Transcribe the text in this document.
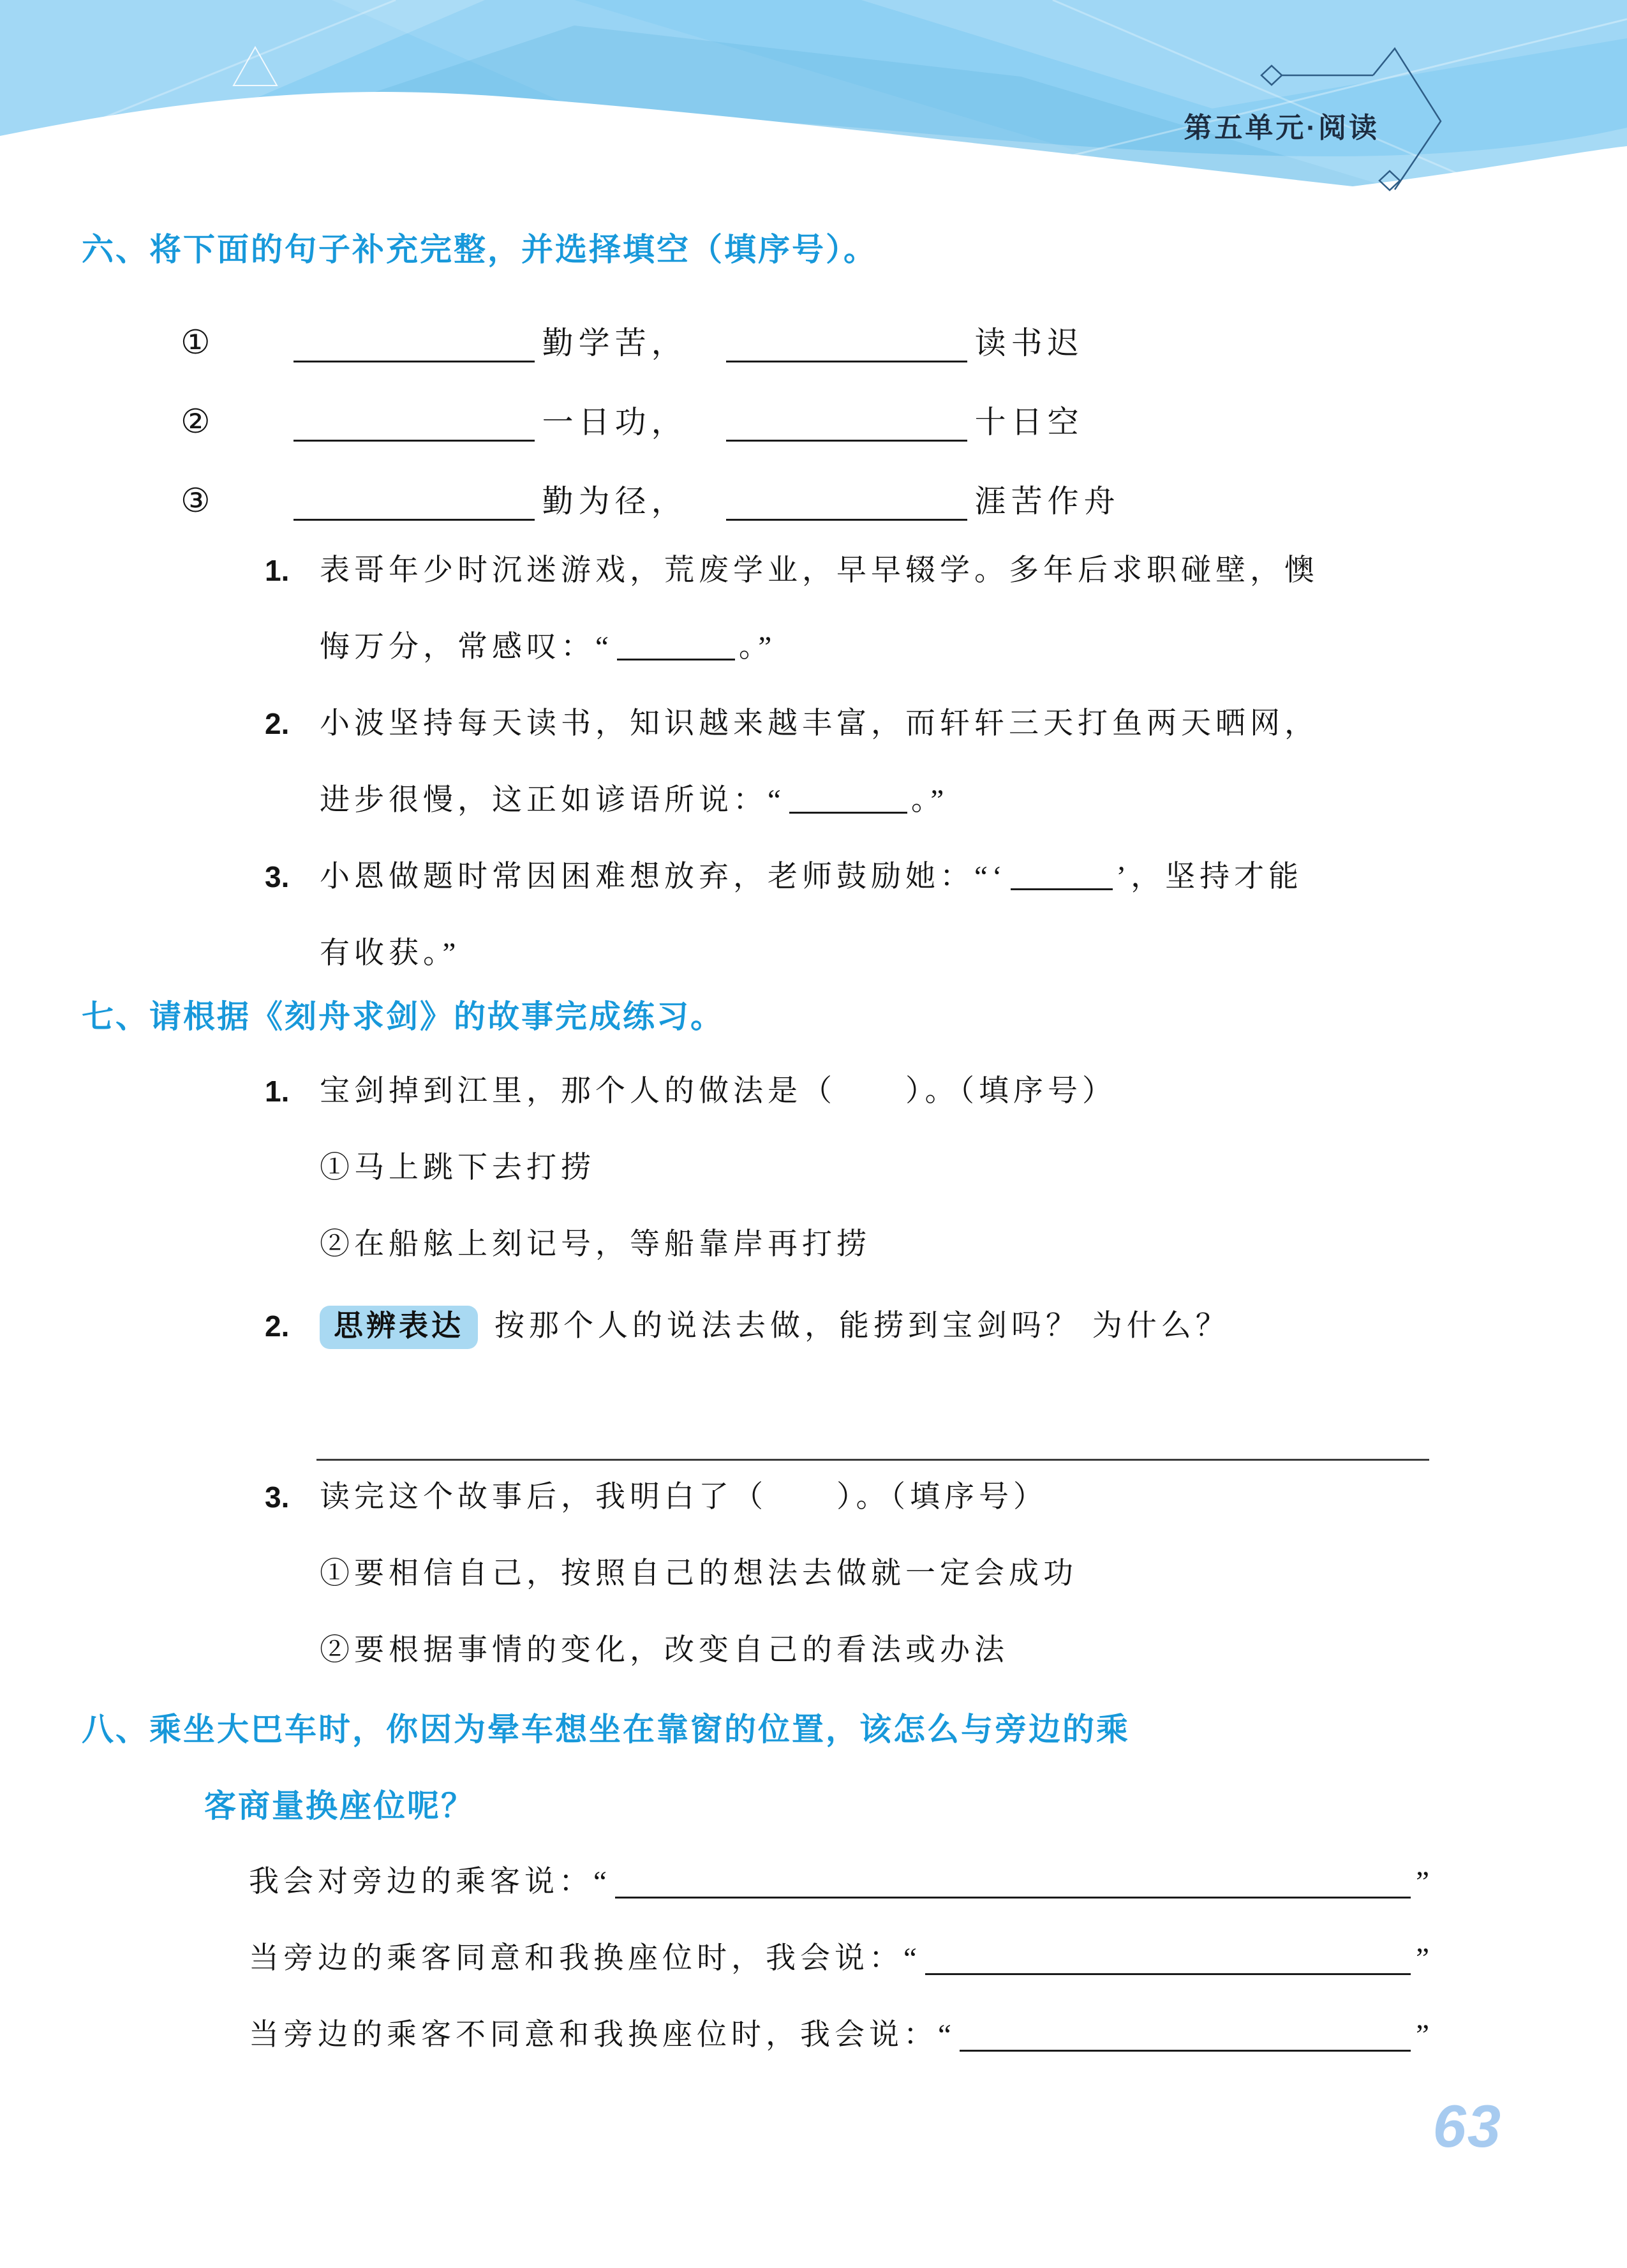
第五单元·阅读
六、将下面的句子补充完整，并选择填空（填序号）。
①	勤学苦，	读书迟
②	一日功，	十日空
③	勤为径，	涯苦作舟
1.	表哥年少时沉迷游戏，荒废学业，早早辍学。多年后求职碰壁，懊
悔万分，常感叹：“	。”
2.	小波坚持每天读书，知识越来越丰富，而轩轩三天打鱼两天晒网，
进步很慢，这正如谚语所说：“	。”
3.	小恩做题时常因困难想放弃，老师鼓励她：“‘	’，坚持才能
有收获。”
七、请根据《刻舟求剑》的故事完成练习。
1.	宝剑掉到江里，那个人的做法是（　　）。（填序号）
①马上跳下去打捞
②在船舷上刻记号，等船靠岸再打捞
2.	思辨表达	按那个人的说法去做，能捞到宝剑吗？ 为什么？
3.	读完这个故事后，我明白了（　　）。（填序号）
①要相信自己，按照自己的想法去做就一定会成功
②要根据事情的变化，改变自己的看法或办法
八、乘坐大巴车时，你因为晕车想坐在靠窗的位置，该怎么与旁边的乘
客商量换座位呢？
我会对旁边的乘客说：“	”
当旁边的乘客同意和我换座位时，我会说：“	”
当旁边的乘客不同意和我换座位时，我会说：“	”
63
